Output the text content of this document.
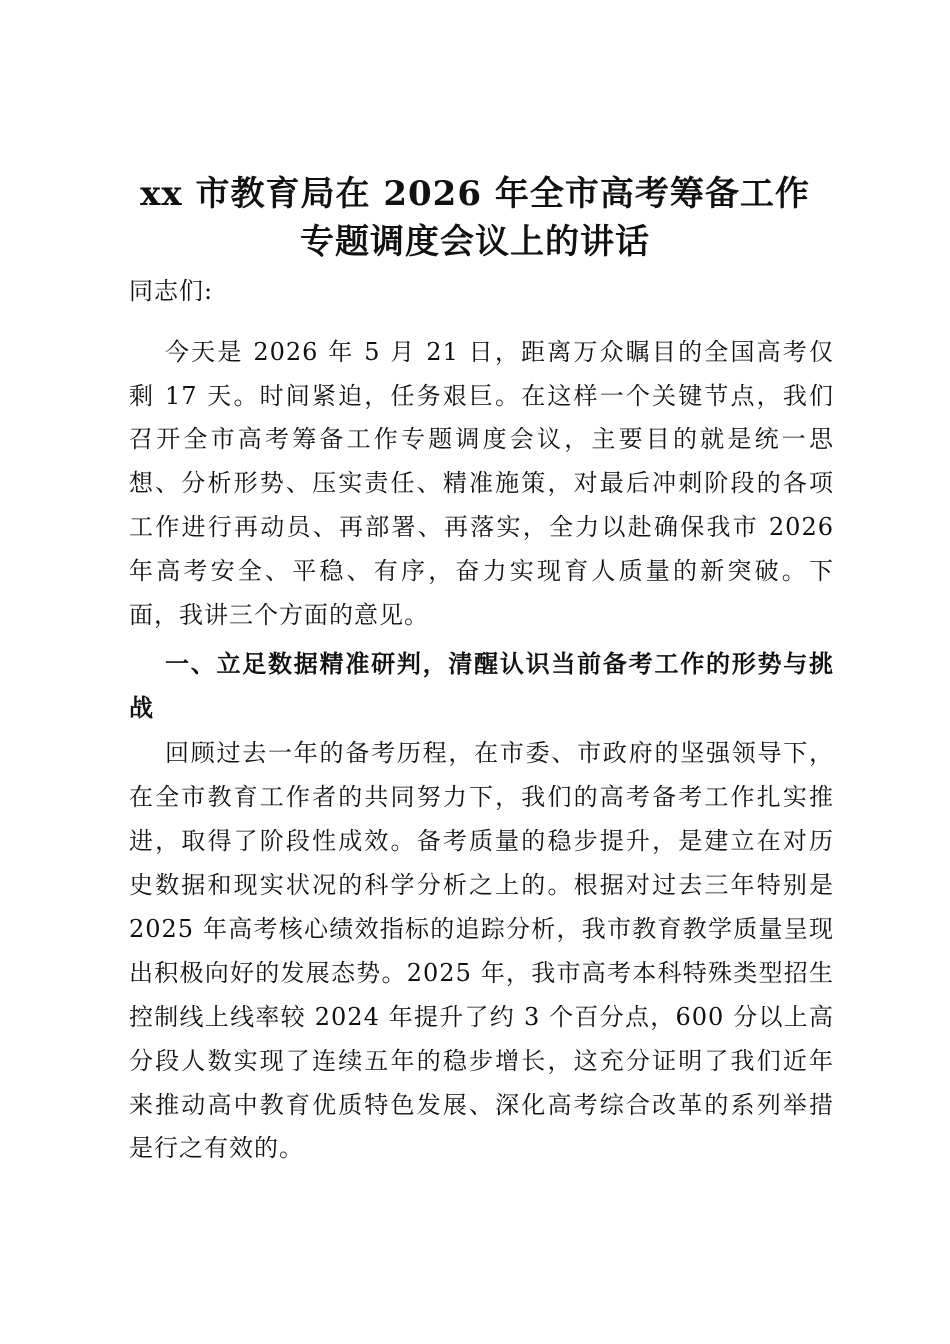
xx 市教育局在 2026 年全市高考筹备工作
专题调度会议上的讲话
同志们:
今天是 2026 年 5 月 21 日，距离万众瞩目的全国高考仅
剩 17 天。时间紧迫，任务艰巨。在这样一个关键节点，我们
召开全市高考筹备工作专题调度会议，主要目的就是统一思
想、分析形势、压实责任、精准施策，对最后冲刺阶段的各项
工作进行再动员、再部署、再落实，全力以赴确保我市 2026
年高考安全、平稳、有序，奋力实现育人质量的新突破。下
面，我讲三个方面的意见。
一、立足数据精准研判，清醒认识当前备考工作的形势与挑
战
回顾过去一年的备考历程，在市委、市政府的坚强领导下，
在全市教育工作者的共同努力下，我们的高考备考工作扎实推
进，取得了阶段性成效。备考质量的稳步提升，是建立在对历
史数据和现实状况的科学分析之上的。根据对过去三年特别是
2025 年高考核心绩效指标的追踪分析，我市教育教学质量呈现
出积极向好的发展态势。2025 年，我市高考本科特殊类型招生
控制线上线率较 2024 年提升了约 3 个百分点，600 分以上高
分段人数实现了连续五年的稳步增长，这充分证明了我们近年
来推动高中教育优质特色发展、深化高考综合改革的系列举措
是行之有效的。
